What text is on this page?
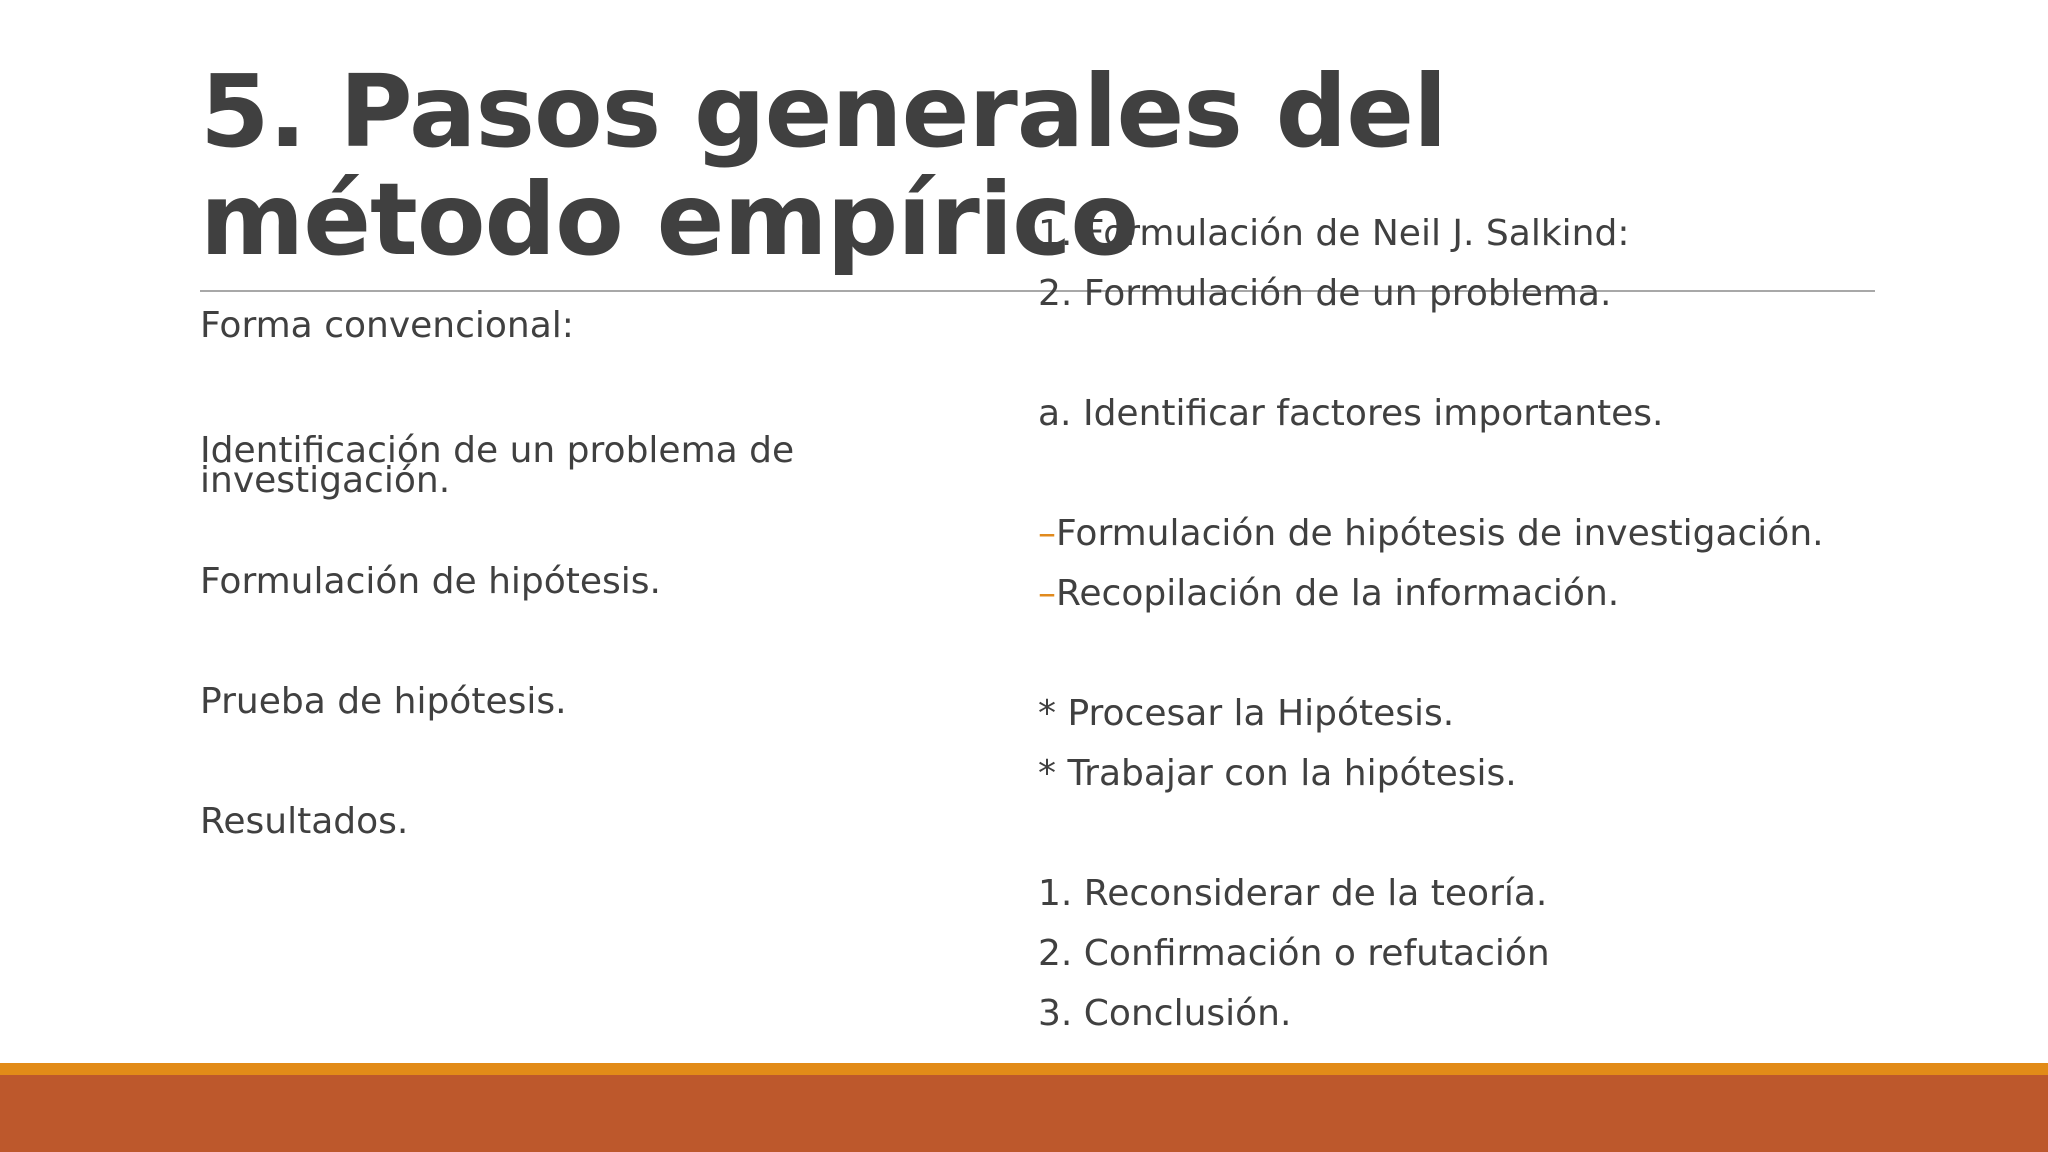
5. Pasos generales del método empírico

Forma convencional:

Identificación de un problema de investigación.

Formulación de hipótesis.

Prueba de hipótesis.

Resultados.

1. Formulación de Neil J. Salkind:

2. Formulación de un problema.

a. Identificar factores importantes.

–Formulación de hipótesis de investigación.

–Recopilación de la información.

* Procesar la Hipótesis.

* Trabajar con la hipótesis.

1. Reconsiderar de la teoría.

2. Confirmación o refutación

3. Conclusión.
